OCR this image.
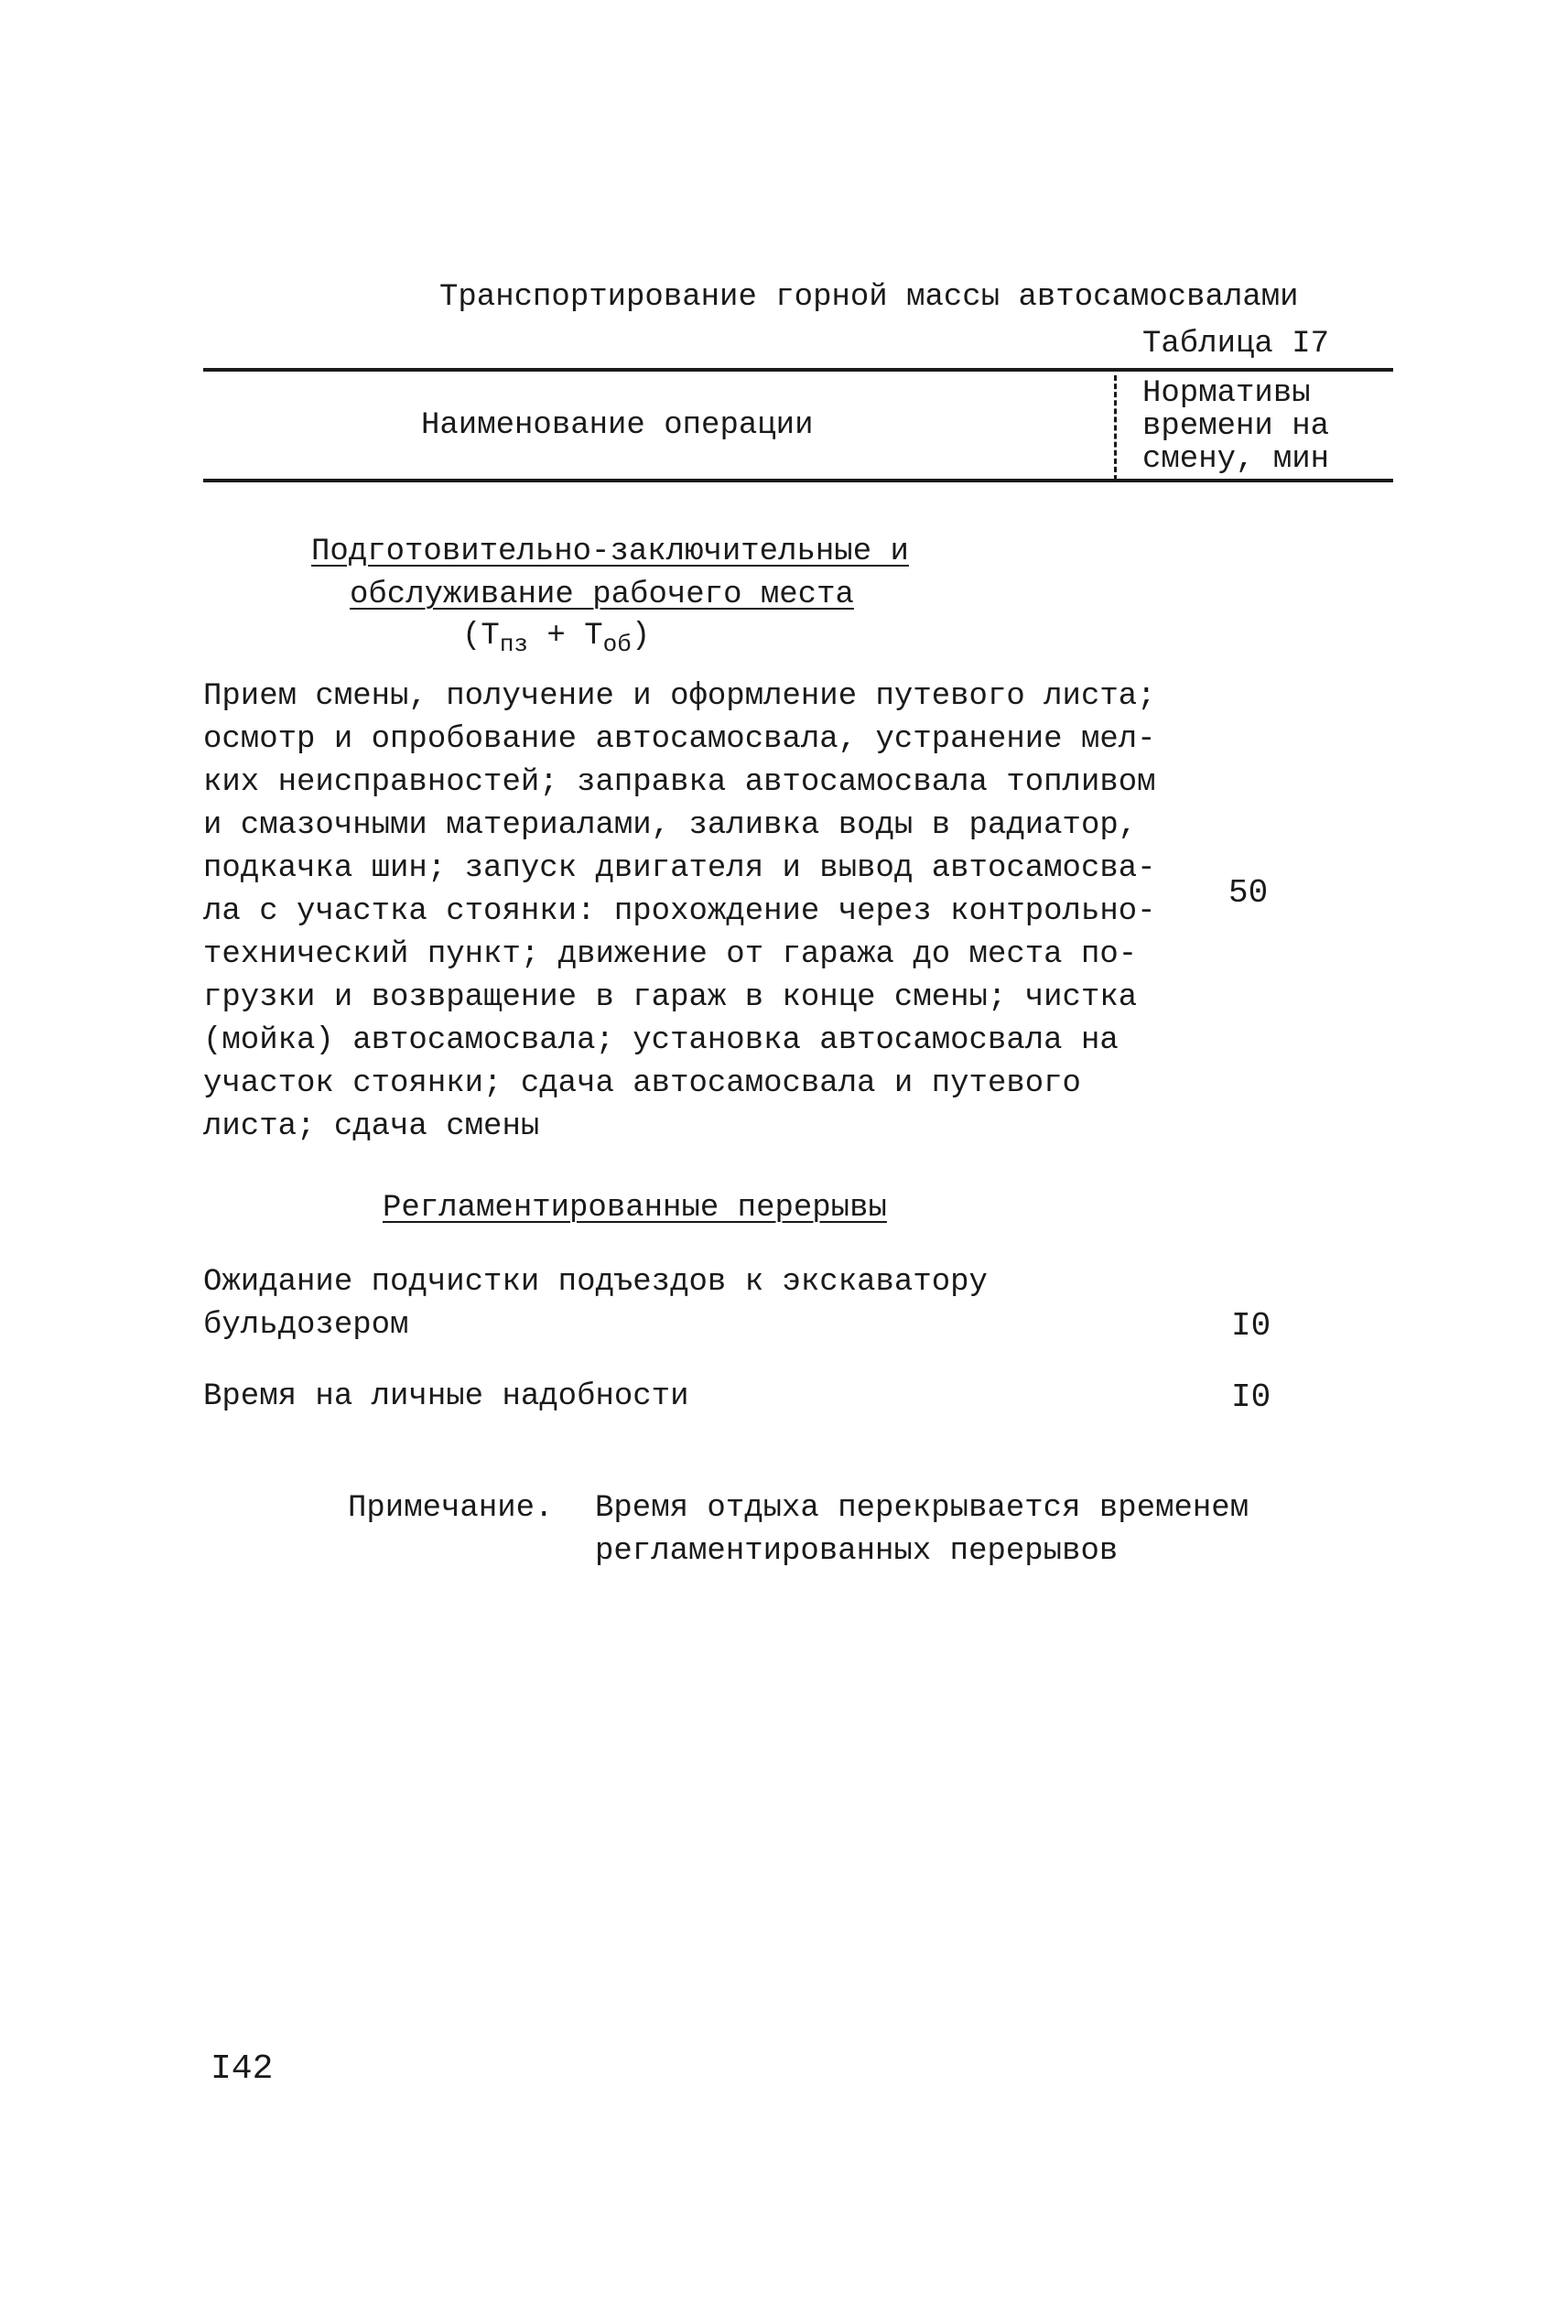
Транспортирование горной массы автосамосвалами
Таблица I7
Наименование операции
Нормативы
времени на
смену, мин
Подготовительно-заключительные и
обслуживание рабочего места
$(Т_{пз} + Т_{об})$
Прием смены, получение и оформление путевого листа;
осмотр и опробование автосамосвала, устранение мел-
ких неисправностей; заправка автосамосвала топливом
и смазочными материалами, заливка воды в радиатор,
подкачка шин; запуск двигателя и вывод автосамосва-
ла с участка стоянки: прохождение через контрольно-
технический пункт; движение от гаража до места по-
грузки и возвращение в гараж в конце смены; чистка
(мойка) автосамосвала; установка автосамосвала на
участок стоянки; сдача автосамосвала и путевого
листа; сдача смены
50
Регламентированные перерывы
Ожидание подчистки подъездов к экскаватору
бульдозером	I0
Время на личные надобности	I0
Примечание. Время отдыха перекрывается временем
регламентированных перерывов
I42
